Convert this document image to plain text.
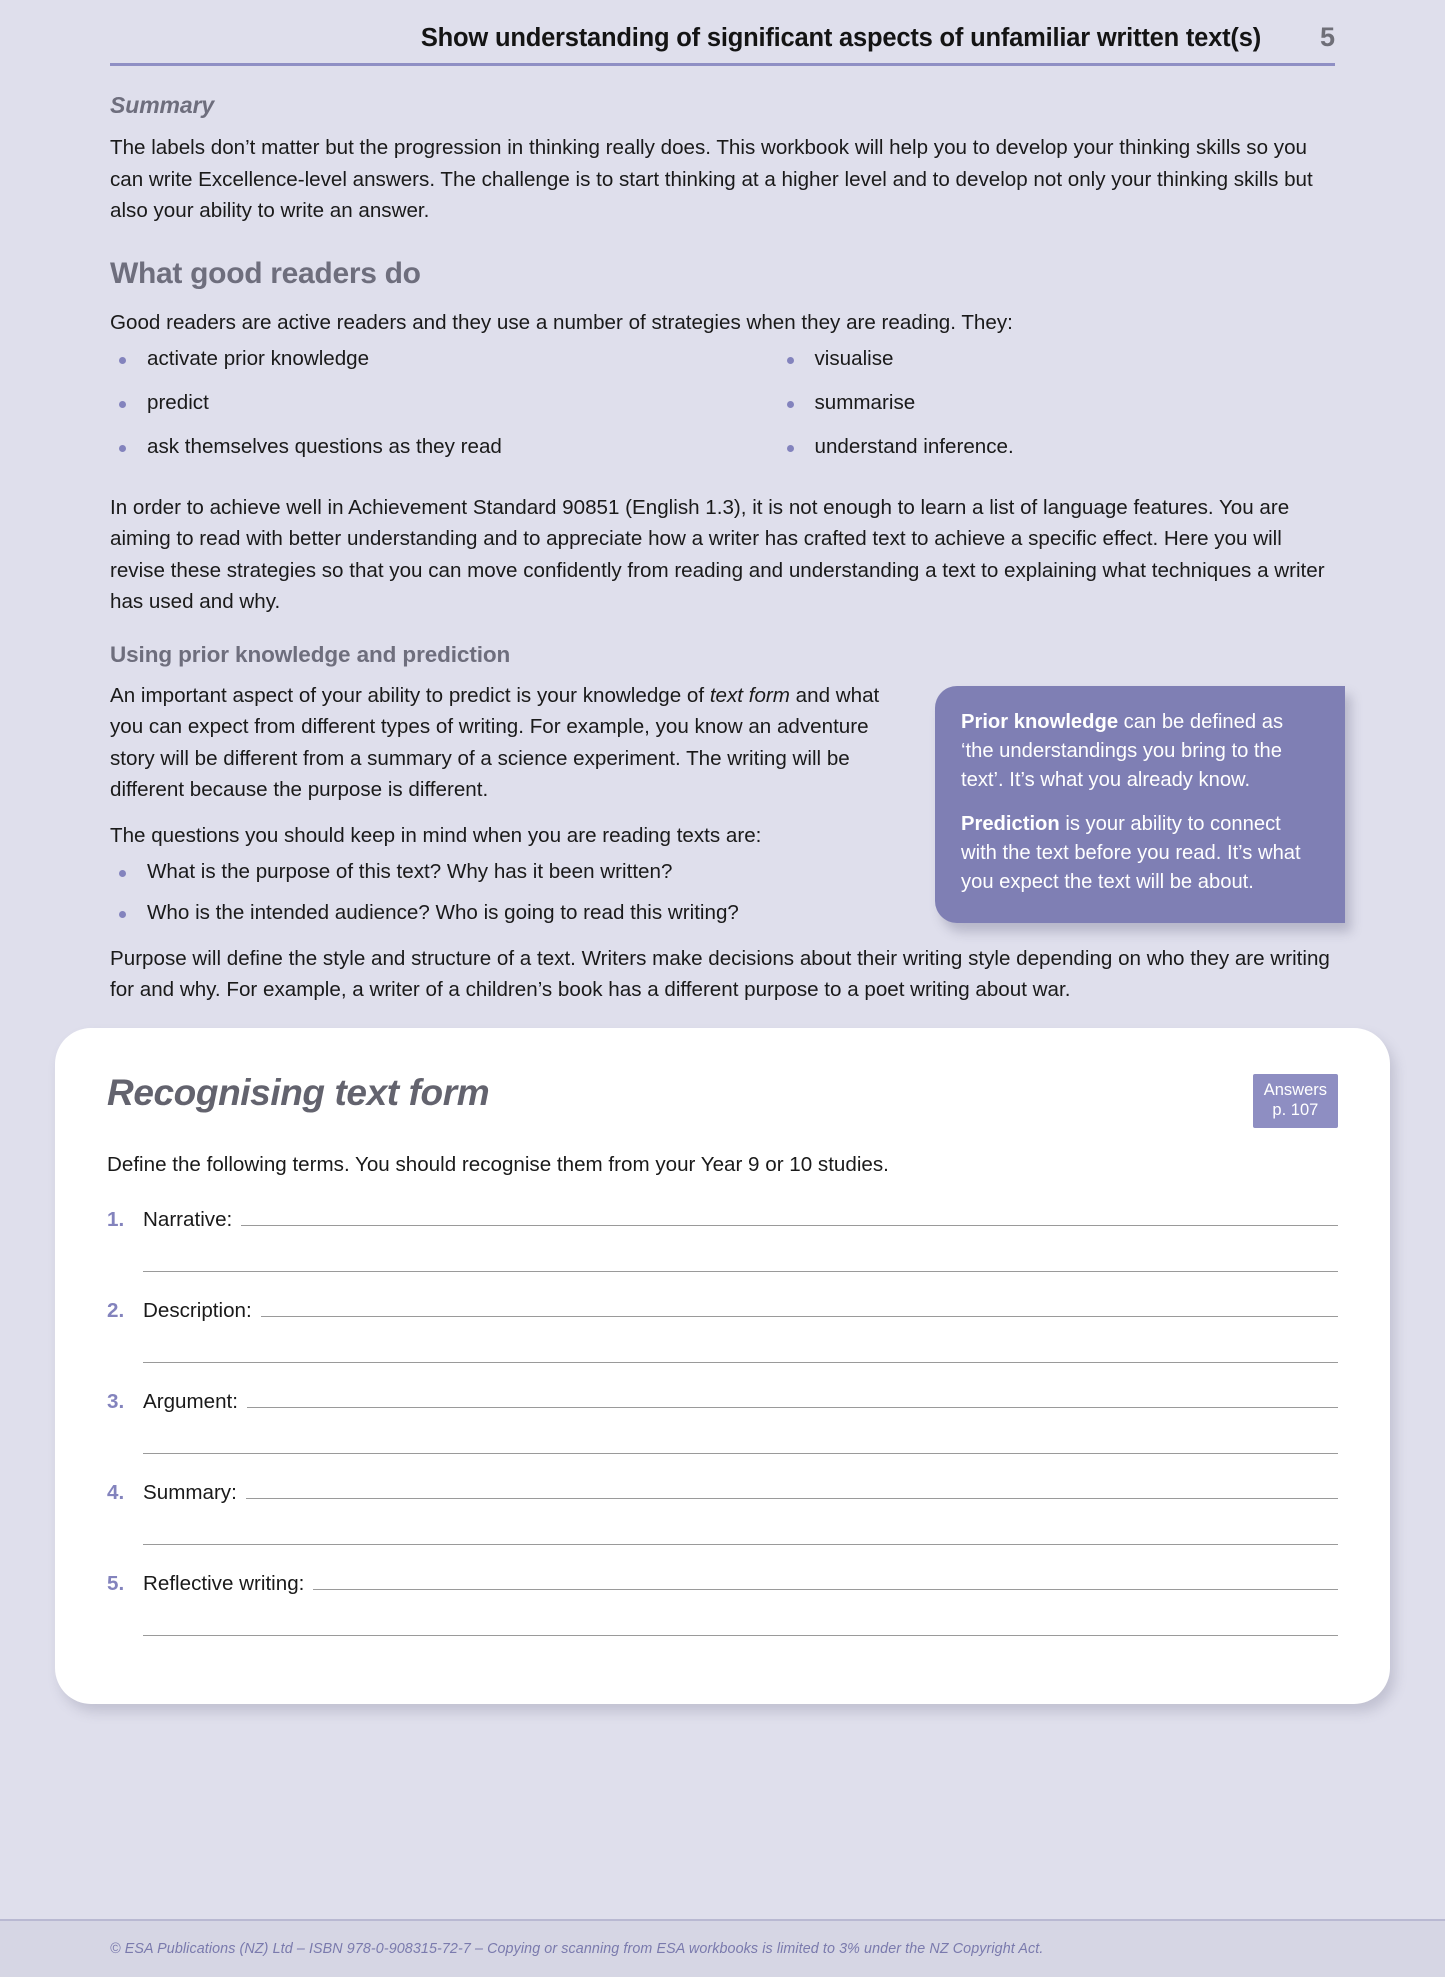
Show understanding of significant aspects of unfamiliar written text(s)	5
Summary

The labels don’t matter but the progression in thinking really does. This workbook will help you to develop your thinking skills so you can write Excellence-level answers. The challenge is to start thinking at a higher level and to develop not only your thinking skills but also your ability to write an answer.

What good readers do

Good readers are active readers and they use a number of strategies when they are reading. They:

activate prior knowledge
predict
ask themselves questions as they read
visualise
summarise
understand inference.

In order to achieve well in Achievement Standard 90851 (English 1.3), it is not enough to learn a list of language features. You are aiming to read with better understanding and to appreciate how a writer has crafted text to achieve a specific effect. Here you will revise these strategies so that you can move confidently from reading and understanding a text to explaining what techniques a writer has used and why.

Using prior knowledge and prediction

Prior knowledge can be defined as ‘the understandings you bring to the text’. It’s what you already know.

Prediction is your ability to connect with the text before you read. It’s what you expect the text will be about.

An important aspect of your ability to predict is your knowledge of text form and what you can expect from different types of writing. For example, you know an adventure story will be different from a summary of a science experiment. The writing will be different because the purpose is different.

The questions you should keep in mind when you are reading texts are:

What is the purpose of this text? Why has it been written?
Who is the intended audience? Who is going to read this writing?

Purpose will define the style and structure of a text. Writers make decisions about their writing style depending on who they are writing for and why. For example, a writer of a children’s book has a different purpose to a poet writing about war.

Recognising text form	Answers
p. 107

Define the following terms. You should recognise them from your Year 9 or 10 studies.

1. Narrative:
2. Description:
3. Argument:
4. Summary:
5. Reflective writing:
© ESA Publications (NZ) Ltd – ISBN 978-0-908315-72-7 – Copying or scanning from ESA workbooks is limited to 3% under the NZ Copyright Act.
